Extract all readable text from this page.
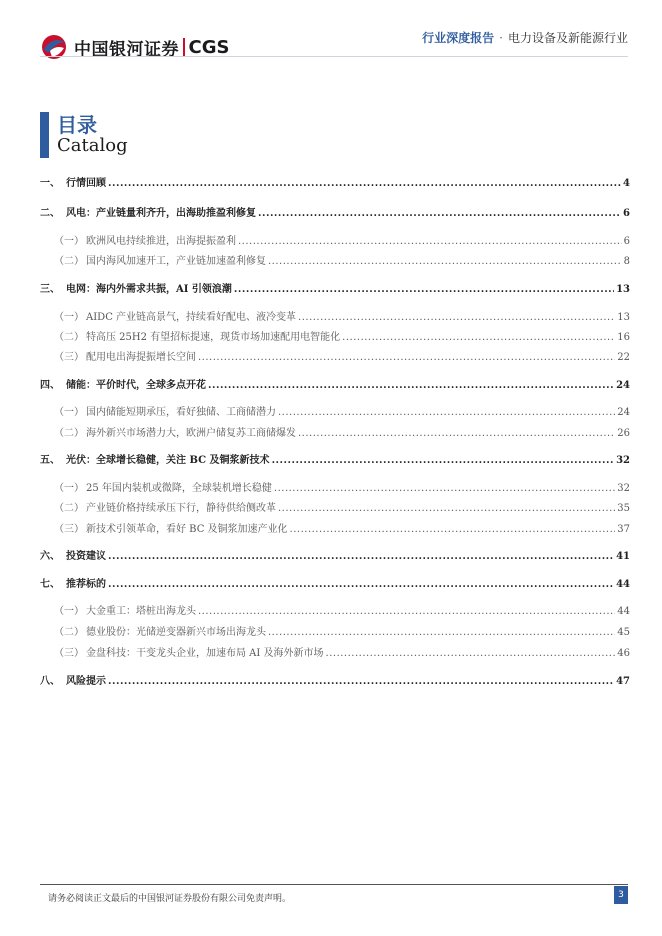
中国银河证券 CGS	行业深度报告 · 电力设备及新能源行业
目录
Catalog
一、 行情回顾 .....	4
二、 风电：产业链量利齐升，出海助推盈利修复 .....	6
（一） 欧洲风电持续推进，出海提振盈利 .....	6
（二） 国内海风加速开工，产业链加速盈利修复 .....	8
三、 电网：海内外需求共振，AI 引领浪潮 .....	13
（一） AIDC 产业链高景气，持续看好配电、液冷变革 .....	13
（二） 特高压 25H2 有望招标提速，现货市场加速配用电智能化 .....	16
（三） 配用电出海提振增长空间 .....	22
四、 储能：平价时代，全球多点开花 .....	24
（一） 国内储能短期承压，看好独储、工商储潜力 .....	24
（二） 海外新兴市场潜力大，欧洲户储复苏工商储爆发 .....	26
五、 光伏：全球增长稳健，关注 BC 及铜浆新技术 .....	32
（一） 25 年国内装机或微降，全球装机增长稳健 .....	32
（二） 产业链价格持续承压下行，静待供给侧改革 .....	35
（三） 新技术引领革命，看好 BC 及铜浆加速产业化 .....	37
六、 投资建议 .....	41
七、 推荐标的 .....	44
（一） 大金重工：塔桩出海龙头 .....	44
（二） 德业股份：光储逆变器新兴市场出海龙头 .....	45
（三） 金盘科技：干变龙头企业，加速布局 AI 及海外新市场 .....	46
八、 风险提示 .....	47
请务必阅读正文最后的中国银河证券股份有限公司免责声明。	3
